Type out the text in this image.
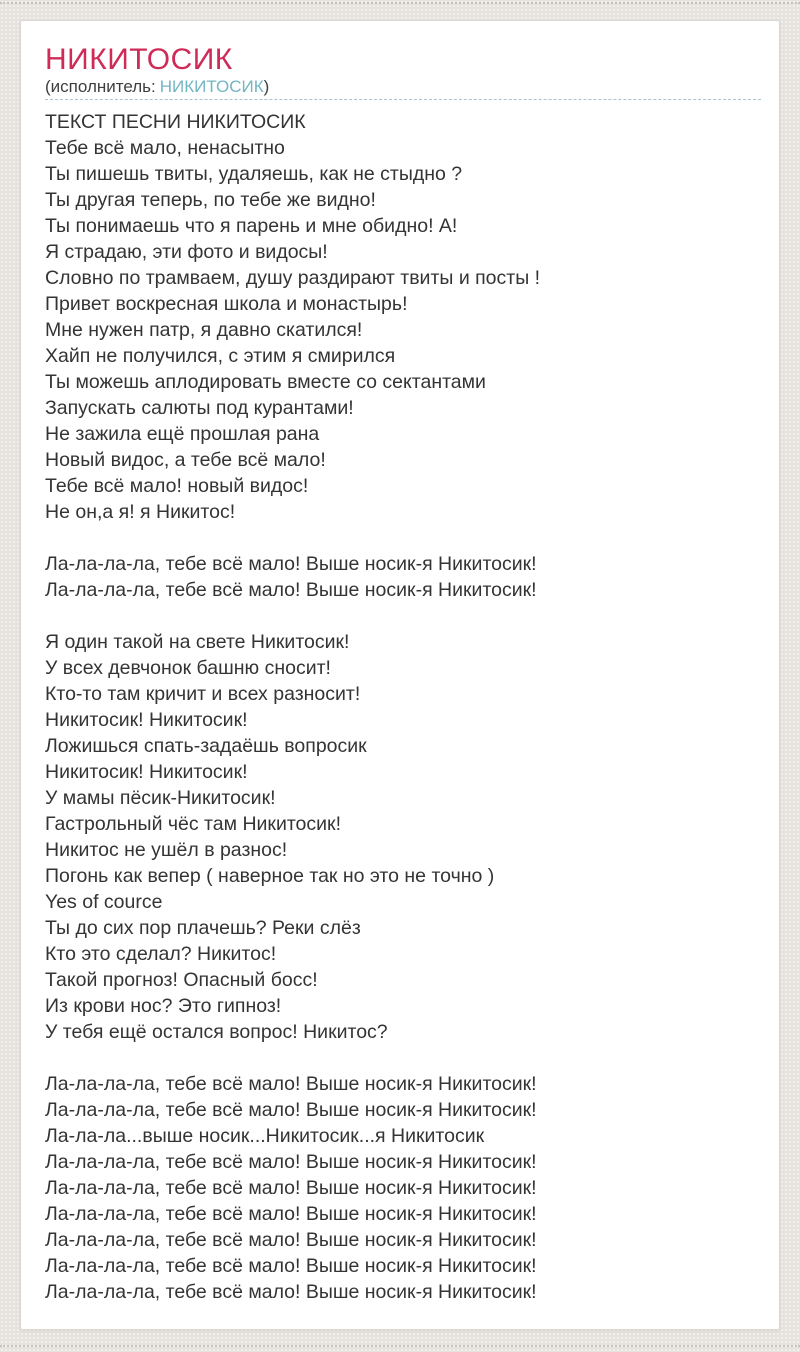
НИКИТОСИК
(исполнитель: НИКИТОСИК)
ТЕКСТ ПЕСНИ НИКИТОСИК
Тебе всё мало, ненасытно
Ты пишешь твиты, удаляешь, как не стыдно ?
Ты другая теперь, по тебе же видно!
Ты понимаешь что я парень и мне обидно! А!
Я страдаю, эти фото и видосы!
Словно по трамваем, душу раздирают твиты и посты !
Привет воскресная школа и монастырь!
Мне нужен патр, я давно скатился!
Хайп не получился, с этим я смирился
Ты можешь аплодировать вместе со сектантами
Запускать салюты под курантами!
Не зажила ещё прошлая рана
Новый видос, а тебе всё мало!
Тебе всё мало! новый видос!
Не он,а я! я Никитос!

Ла-ла-ла-ла, тебе всё мало! Выше носик-я Никитосик!
Ла-ла-ла-ла, тебе всё мало! Выше носик-я Никитосик!

Я один такой на свете Никитосик!
У всех девчонок башню сносит!
Кто-то там кричит и всех разносит!
Никитосик! Никитосик!
Ложишься спать-задаёшь вопросик
Никитосик! Никитосик!
У мамы пёсик-Никитосик!
Гастрольный чёс там Никитосик!
Никитос не ушёл в разнос!
Погонь как вепер ( наверное так но это не точно )
Yes of cource
Ты до сих пор плачешь? Реки слёз
Кто это сделал? Никитос!
Такой прогноз! Опасный босс!
Из крови нос? Это гипноз!
У тебя ещё остался вопрос! Никитос?

Ла-ла-ла-ла, тебе всё мало! Выше носик-я Никитосик!
Ла-ла-ла-ла, тебе всё мало! Выше носик-я Никитосик!
Ла-ла-ла...выше носик...Никитосик...я Никитосик
Ла-ла-ла-ла, тебе всё мало! Выше носик-я Никитосик!
Ла-ла-ла-ла, тебе всё мало! Выше носик-я Никитосик!
Ла-ла-ла-ла, тебе всё мало! Выше носик-я Никитосик!
Ла-ла-ла-ла, тебе всё мало! Выше носик-я Никитосик!
Ла-ла-ла-ла, тебе всё мало! Выше носик-я Никитосик!
Ла-ла-ла-ла, тебе всё мало! Выше носик-я Никитосик!
